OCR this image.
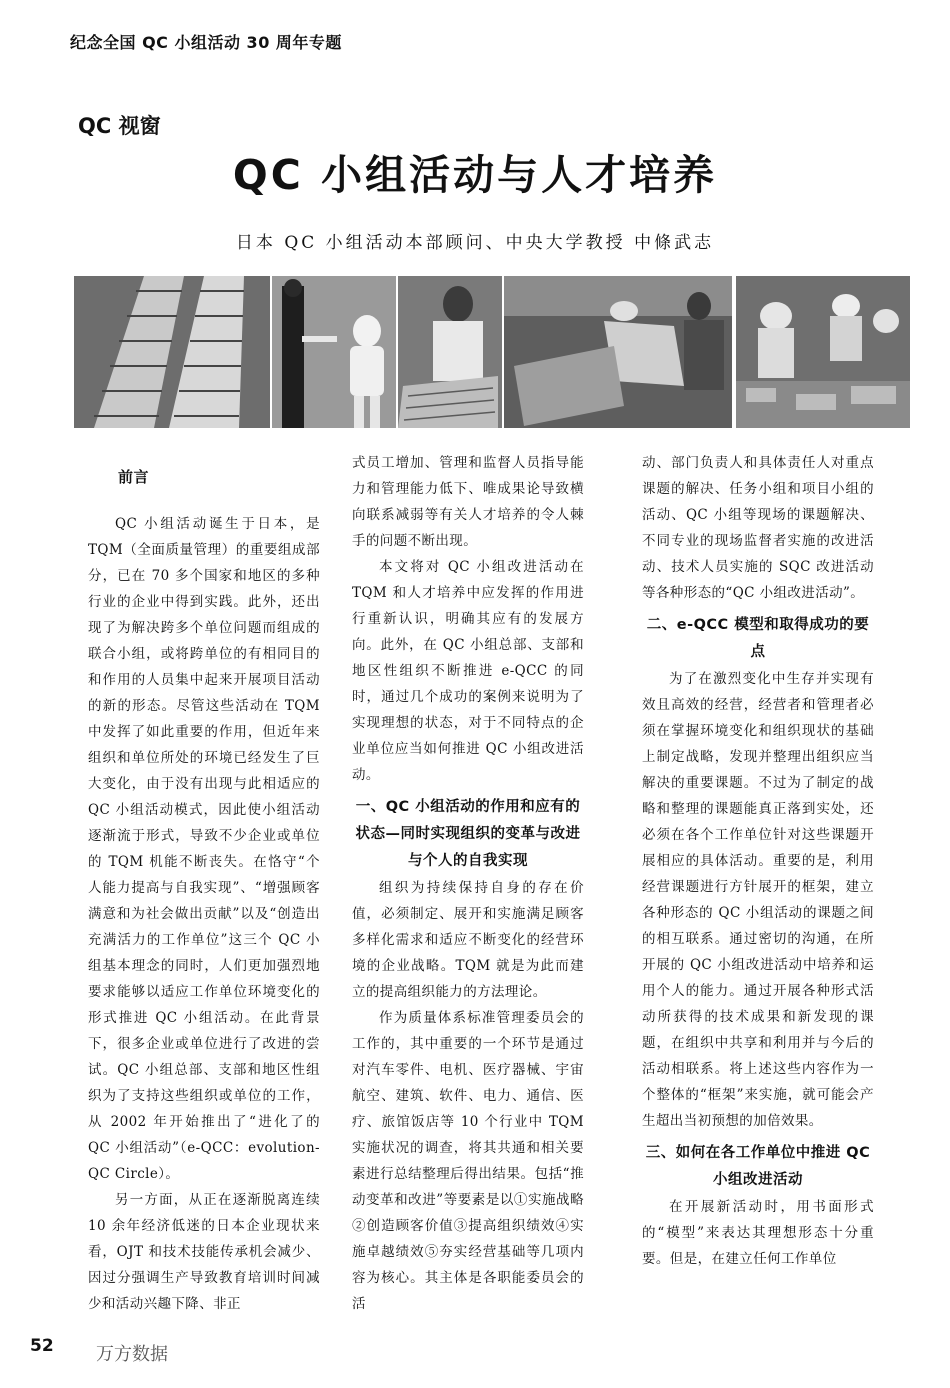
纪念全国 QC 小组活动 30 周年专题
QC 视窗
QC 小组活动与人才培养
日本 QC 小组活动本部顾问、中央大学教授 中條武志
前言

QC 小组活动诞生于日本，是 TQM（全面质量管理）的重要组成部分，已在 70 多个国家和地区的多种行业的企业中得到实践。此外，还出现了为解决跨多个单位问题而组成的联合小组，或将跨单位的有相同目的和作用的人员集中起来开展项目活动的新的形态。尽管这些活动在 TQM 中发挥了如此重要的作用，但近年来组织和单位所处的环境已经发生了巨大变化，由于没有出现与此相适应的 QC 小组活动模式，因此使小组活动逐渐流于形式，导致不少企业或单位的 TQM 机能不断丧失。在恪守“个人能力提高与自我实现”、“增强顾客满意和为社会做出贡献”以及“创造出充满活力的工作单位”这三个 QC 小组基本理念的同时，人们更加强烈地要求能够以适应工作单位环境变化的形式推进 QC 小组活动。在此背景下，很多企业或单位进行了改进的尝试。QC 小组总部、支部和地区性组织为了支持这些组织或单位的工作，从 2002 年开始推出了“进化了的 QC 小组活动”（e-QCC：evolution-QC Circle）。

另一方面，从正在逐渐脱离连续 10 余年经济低迷的日本企业现状来看，OJT 和技术技能传承机会减少、因过分强调生产导致教育培训时间减少和活动兴趣下降、非正

式员工增加、管理和监督人员指导能力和管理能力低下、唯成果论导致横向联系减弱等有关人才培养的令人棘手的问题不断出现。

本文将对 QC 小组改进活动在 TQM 和人才培养中应发挥的作用进行重新认识，明确其应有的发展方向。此外，在 QC 小组总部、支部和地区性组织不断推进 e-QCC 的同时，通过几个成功的案例来说明为了实现理想的状态，对于不同特点的企业单位应当如何推进 QC 小组改进活动。

一、QC 小组活动的作用和应有的状态—同时实现组织的变革与改进与个人的自我实现

组织为持续保持自身的存在价值，必须制定、展开和实施满足顾客多样化需求和适应不断变化的经营环境的企业战略。TQM 就是为此而建立的提高组织能力的方法理论。

作为质量体系标准管理委员会的工作的，其中重要的一个环节是通过对汽车零件、电机、医疗器械、宇宙航空、建筑、软件、电力、通信、医疗、旅馆饭店等 10 个行业中 TQM 实施状况的调查，将其共通和相关要素进行总结整理后得出结果。包括“推动变革和改进”等要素是以①实施战略②创造顾客价值③提高组织绩效④实施卓越绩效⑤夯实经营基础等几项内容为核心。其主体是各职能委员会的活

动、部门负责人和具体责任人对重点课题的解决、任务小组和项目小组的活动、QC 小组等现场的课题解决、不同专业的现场监督者实施的改进活动、技术人员实施的 SQC 改进活动等各种形态的“QC 小组改进活动”。

二、e-QCC 模型和取得成功的要点

为了在激烈变化中生存并实现有效且高效的经营，经营者和管理者必须在掌握环境变化和组织现状的基础上制定战略，发现并整理出组织应当解决的重要课题。不过为了制定的战略和整理的课题能真正落到实处，还必须在各个工作单位针对这些课题开展相应的具体活动。重要的是，利用经营课题进行方针展开的框架，建立各种形态的 QC 小组活动的课题之间的相互联系。通过密切的沟通，在所开展的 QC 小组改进活动中培养和运用个人的能力。通过开展各种形式活动所获得的技术成果和新发现的课题，在组织中共享和利用并与今后的活动相联系。将上述这些内容作为一个整体的“框架”来实施，就可能会产生超出当初预想的加倍效果。

三、如何在各工作单位中推进 QC 小组改进活动

在开展新活动时，用书面形式的“模型”来表达其理想形态十分重要。但是，在建立任何工作单位

52 万方数据
